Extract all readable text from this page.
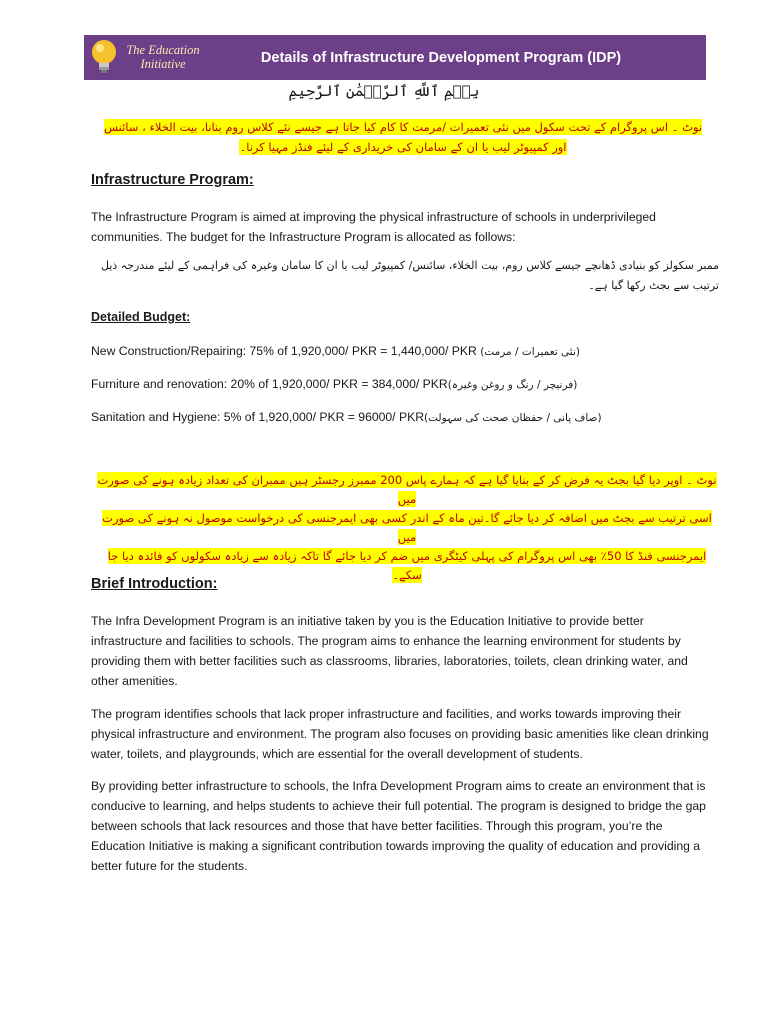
The Education Initiative	Details of Infrastructure Development Program (IDP)
بِسۡمِ ٱللَّهِ ٱلرَّحۡمَٰنِ ٱلرَّحِيمِ
نوٹ ۔ اس پروگرام کے تحت سکول میں نئی تعمیرات /مرمت کا کام کیا جاتا ہے جیسے نئے کلاس روم بنانا، بیت الخلاء ، سائنس
اور کمپیوٹر لیب یا ان کے سامان کی خریداری کے لیئے فنڈز مہیا کرنا۔
Infrastructure Program:
The Infrastructure Program is aimed at improving the physical infrastructure of schools in underprivileged communities. The budget for the Infrastructure Program is allocated as follows:
ممبر سکولز کو بنیادی ڈھانچے جیسے کلاس روم، بیت الخلاء، سائنس/ کمپیوٹر لیب یا ان کا سامان وغیرہ کی فراہمی کے لیئے مندرجہ ذیل ترتیب سے بجٹ رکھا گیا ہے۔
Detailed Budget:
New Construction/Repairing: 75% of 1,920,000/ PKR = 1,440,000/ PKR (نئی تعمیرات / مرمت)
Furniture and renovation: 20% of 1,920,000/ PKR = 384,000/ PKR(فرنیچر / رنگ و روغن وغیرہ)
Sanitation and Hygiene: 5% of 1,920,000/ PKR = 96000/ PKR(صاف پانی / حفظان صحت کی سہولت)
نوٹ ۔ اوپر دیا گیا بجٹ یہ فرض کر کے بنایا گیا ہے کہ ہمارے پاس 200 ممبرز رجسٹر ہیں ممبران کی تعداد زیادہ ہونے کی صورت میں
اسی ترتیب سے بجٹ میں اضافہ کر دیا جائے گا۔تین ماہ کے اندر کسی بھی ایمرجنسی کی درخواست موصول نہ ہونے کی صورت میں
ایمرجنسی فنڈ کا 50٪ بھی اس پروگرام کی پہلی کیٹگری میں ضم کر دیا جائے گا تاکہ زیادہ سے زیادہ سکولوں کو فائدہ دیا جا سکے۔
Brief Introduction:
The Infra Development Program is an initiative taken by you is the Education Initiative to provide better infrastructure and facilities to schools. The program aims to enhance the learning environment for students by providing them with better facilities such as classrooms, libraries, laboratories, toilets, clean drinking water, and other amenities.
The program identifies schools that lack proper infrastructure and facilities, and works towards improving their physical infrastructure and environment. The program also focuses on providing basic amenities like clean drinking water, toilets, and playgrounds, which are essential for the overall development of students.
By providing better infrastructure to schools, the Infra Development Program aims to create an environment that is conducive to learning, and helps students to achieve their full potential. The program is designed to bridge the gap between schools that lack resources and those that have better facilities. Through this program, you’re the Education Initiative is making a significant contribution towards improving the quality of education and providing a better future for the students.
